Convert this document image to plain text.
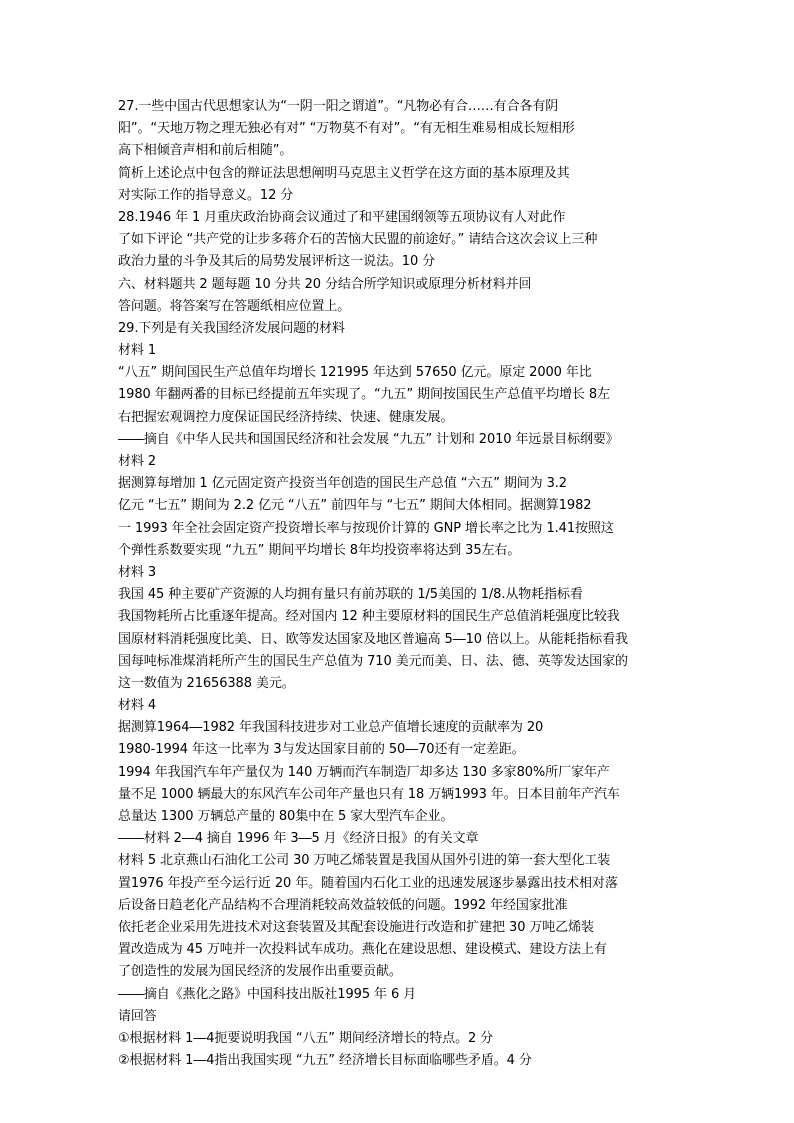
27.一些中国古代思想家认为“一阴一阳之谓道”。“凡物必有合……有合各有阴
阳”。“天地万物之理无独必有对” “万物莫不有对”。“有无相生难易相成长短相形
高下相倾音声相和前后相随”。
简析上述论点中包含的辩证法思想阐明马克思主义哲学在这方面的基本原理及其
对实际工作的指导意义。12 分
28.1946 年 1 月重庆政治协商会议通过了和平建国纲领等五项协议有人对此作
了如下评论 “共产党的让步多蒋介石的苦恼大民盟的前途好。” 请结合这次会议上三种
政治力量的斗争及其后的局势发展评析这一说法。10 分
六、材料题共 2 题每题 10 分共 20 分结合所学知识或原理分析材料并回
答问题。将答案写在答题纸相应位置上。
29.下列是有关我国经济发展问题的材料
材料 1
“八五” 期间国民生产总值年均增长 121995 年达到 57650 亿元。原定 2000 年比
1980 年翻两番的目标已经提前五年实现了。“九五” 期间按国民生产总值平均增长 8左
右把握宏观调控力度保证国民经济持续、快速、健康发展。
――摘自《中华人民共和国国民经济和社会发展 “九五” 计划和 2010 年远景目标纲要》
材料 2
据测算每增加 1 亿元固定资产投资当年创造的国民生产总值 “六五” 期间为 3.2
亿元 “七五” 期间为 2.2 亿元 “八五” 前四年与 “七五” 期间大体相同。据测算1982
一 1993 年全社会固定资产投资增长率与按现价计算的 GNP 增长率之比为 1.41按照这
个弹性系数要实现 “九五” 期间平均增长 8年均投资率将达到 35左右。
材料 3
我国 45 种主要矿产资源的人均拥有量只有前苏联的 1/5美国的 1/8.从物耗指标看
我国物耗所占比重逐年提高。经对国内 12 种主要原材料的国民生产总值消耗强度比较我
国原材料消耗强度比美、日、欧等发达国家及地区普遍高 5―10 倍以上。从能耗指标看我
国每吨标准煤消耗所产生的国民生产总值为 710 美元而美、日、法、德、英等发达国家的
这一数值为 21656388 美元。
材料 4
据测算1964―1982 年我国科技进步对工业总产值增长速度的贡献率为 20
1980-1994 年这一比率为 3与发达国家目前的 50―70还有一定差距。
1994 年我国汽车年产量仅为 140 万辆而汽车制造厂却多达 130 多家80%所厂家年产
量不足 1000 辆最大的东风汽车公司年产量也只有 18 万辆1993 年。日本目前年产汽车
总量达 1300 万辆总产量的 80集中在 5 家大型汽车企业。
――材料 2―4 摘自 1996 年 3―5 月《经济日报》的有关文章
材料 5 北京燕山石油化工公司 30 万吨乙烯装置是我国从国外引进的第一套大型化工装
置1976 年投产至今运行近 20 年。随着国内石化工业的迅速发展逐步暴露出技术相对落
后设备日趋老化产品结构不合理消耗较高效益较低的问题。1992 年经国家批准
依托老企业采用先进技术对这套装置及其配套设施进行改造和扩建把 30 万吨乙烯装
置改造成为 45 万吨并一次投料试车成功。燕化在建设思想、建设模式、建设方法上有
了创造性的发展为国民经济的发展作出重要贡献。
――摘自《燕化之路》中国科技出版社1995 年 6 月
请回答
①根据材料 1―4扼要说明我国 “八五” 期间经济增长的特点。2 分
②根据材料 1―4指出我国实现 “九五” 经济增长目标面临哪些矛盾。4 分
